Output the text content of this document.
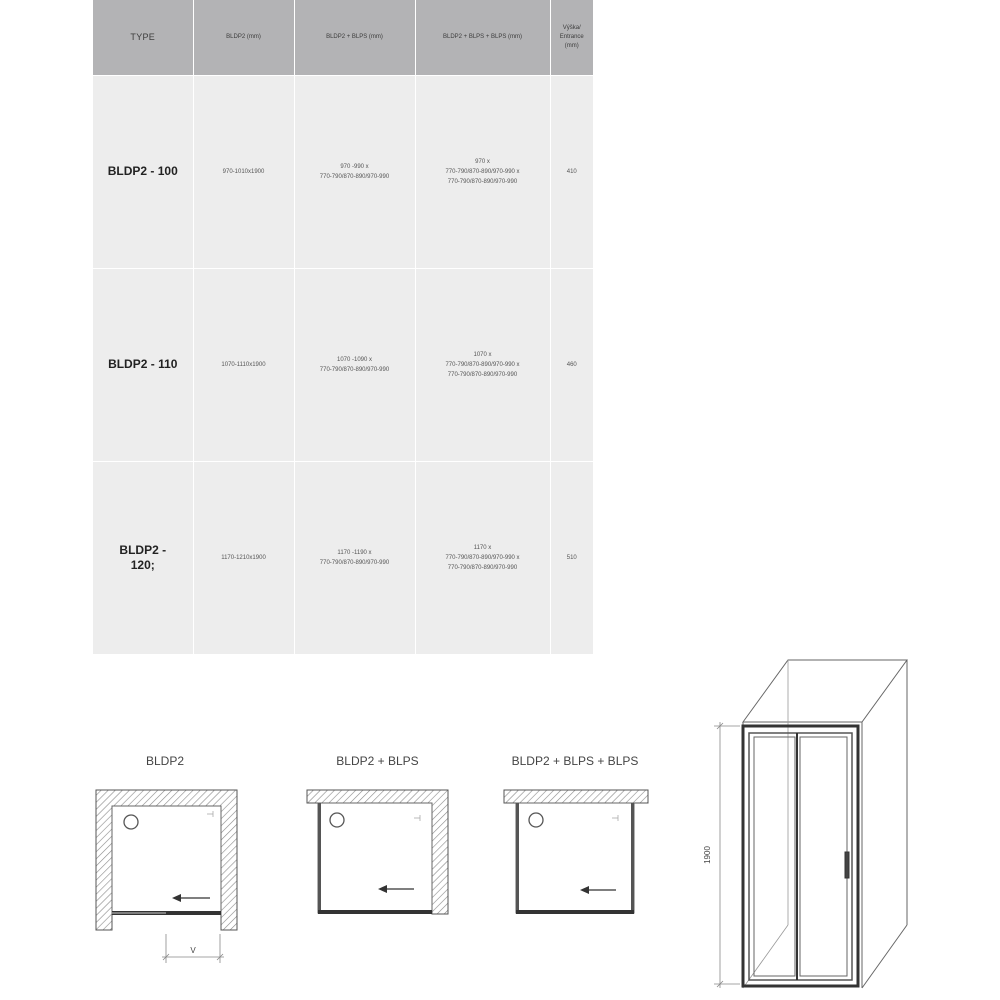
TYPE	BLDP2 (mm)	BLDP2 + BLPS (mm)	BLDP2 + BLPS + BLPS (mm)	Výška/
Entrance
(mm)
BLDP2 - 100	970-1010x1900	970 -990 x
770-790/870-890/970-990	970 x
770-790/870-890/970-990 x
770-790/870-890/970-990	410
BLDP2 - 110	1070-1110x1900	1070 -1090 x
770-790/870-890/970-990	1070 x
770-790/870-890/970-990 x
770-790/870-890/970-990	460
BLDP2 -
120;	1170-1210x1900	1170 -1190 x
770-790/870-890/970-990	1170 x
770-790/870-890/970-990 x
770-790/870-890/970-990	510
BLDP2	BLDP2 + BLPS	BLDP2 + BLPS + BLPS
V
1900
